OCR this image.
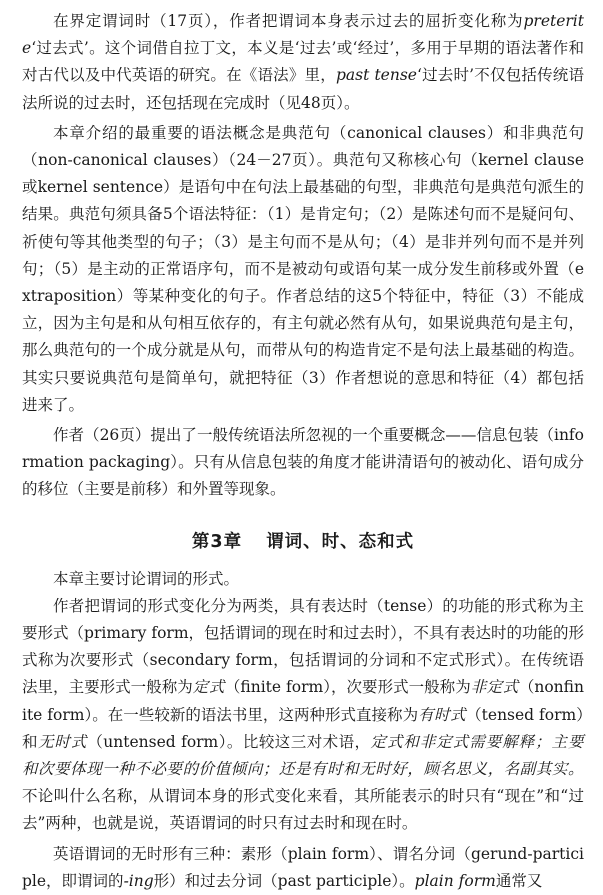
在界定谓词时（17页），作者把谓词本身表示过去的屈折变化称为preterite‘过去式’。这个词借自拉丁文，本义是‘过去’或‘经过’，多用于早期的语法著作和对古代以及中代英语的研究。在《语法》里，past tense‘过去时’不仅包括传统语法所说的过去时，还包括现在完成时（见48页）。

本章介绍的最重要的语法概念是典范句（canonical clauses）和非典范句（non-canonical clauses）（24－27页）。典范句又称核心句（kernel clause或kernel sentence）是语句中在句法上最基础的句型，非典范句是典范句派生的结果。典范句须具备5个语法特征：（1）是肯定句；（2）是陈述句而不是疑问句、祈使句等其他类型的句子；（3）是主句而不是从句；（4）是非并列句而不是并列句；（5）是主动的正常语序句，而不是被动句或语句某一成分发生前移或外置（extraposition）等某种变化的句子。作者总结的这5个特征中，特征（3）不能成立，因为主句是和从句相互依存的，有主句就必然有从句，如果说典范句是主句，那么典范句的一个成分就是从句，而带从句的构造肯定不是句法上最基础的构造。其实只要说典范句是简单句，就把特征（3）作者想说的意思和特征（4）都包括进来了。

作者（26页）提出了一般传统语法所忽视的一个重要概念——信息包装（information packaging）。只有从信息包装的角度才能讲清语句的被动化、语句成分的移位（主要是前移）和外置等现象。

第3章 谓词、时、态和式

本章主要讨论谓词的形式。

作者把谓词的形式变化分为两类，具有表达时（tense）的功能的形式称为主要形式（primary form，包括谓词的现在时和过去时），不具有表达时的功能的形式称为次要形式（secondary form，包括谓词的分词和不定式形式）。在传统语法里，主要形式一般称为定式（finite form），次要形式一般称为非定式（nonfinite form）。在一些较新的语法书里，这两种形式直接称为有时式（tensed form）和无时式（untensed form）。比较这三对术语，定式和非定式需要解释；主要和次要体现一种不必要的价值倾向；还是有时和无时好，顾名思义，名副其实。不论叫什么名称，从谓词本身的形式变化来看，其所能表示的时只有“现在”和“过去”两种，也就是说，英语谓词的时只有过去时和现在时。

英语谓词的无时形有三种：素形（plain form）、谓名分词（gerund-participle，即谓词的-ing形）和过去分词（past participle）。plain form通常又
